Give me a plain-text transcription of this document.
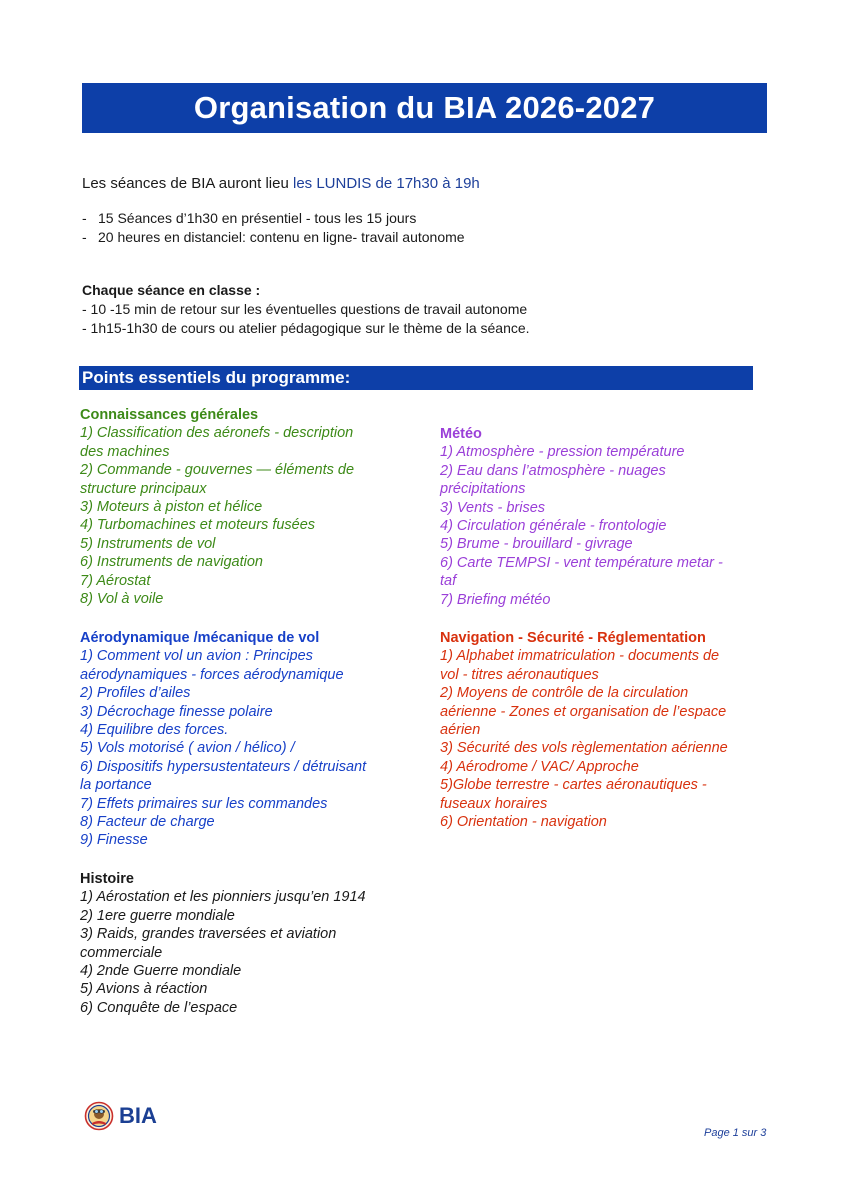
Organisation du BIA 2026-2027
Les séances de BIA auront lieu les LUNDIS de 17h30 à 19h
- 15 Séances d’1h30 en présentiel - tous les 15 jours
- 20 heures en distanciel: contenu en ligne- travail autonome
Chaque séance en classe :
- 10 -15 min de retour sur les éventuelles questions de travail autonome
- 1h15-1h30 de cours ou atelier pédagogique sur le thème de la séance.
Points essentiels du programme:
Connaissances générales
1) Classification des aéronefs - description
des machines
2) Commande - gouvernes — éléments de
structure principaux
3) Moteurs à piston et hélice
4) Turbomachines et moteurs fusées
5) Instruments de vol
6) Instruments de navigation
7) Aérostat
8) Vol à voile
Météo
1) Atmosphère - pression température
2) Eau dans l’atmosphère - nuages
précipitations
3) Vents - brises
4) Circulation générale - frontologie
5) Brume - brouillard - givrage
6) Carte TEMPSI - vent température metar -
taf
7) Briefing météo
Aérodynamique /mécanique de vol
1) Comment vol un avion : Principes
aérodynamiques - forces aérodynamique
2) Profiles d’ailes
3) Décrochage finesse polaire
4) Equilibre des forces.
5) Vols motorisé ( avion / hélico) /
6) Dispositifs hypersustentateurs / détruisant
la portance
7) Effets primaires sur les commandes
8) Facteur de charge
9) Finesse
Navigation - Sécurité - Réglementation
1) Alphabet immatriculation - documents de
vol - titres aéronautiques
2) Moyens de contrôle de la circulation
aérienne - Zones et organisation de l’espace
aérien
3) Sécurité des vols règlementation aérienne
4) Aérodrome / VAC/ Approche
5)Globe terrestre - cartes aéronautiques -
fuseaux horaires
6) Orientation - navigation
Histoire
1) Aérostation et les pionniers jusqu’en 1914
2) 1ere guerre mondiale
3) Raids, grandes traversées et aviation
commerciale
4) 2nde Guerre mondiale
5) Avions à réaction
6) Conquête de l’espace
BIA
Page 1 sur 3
